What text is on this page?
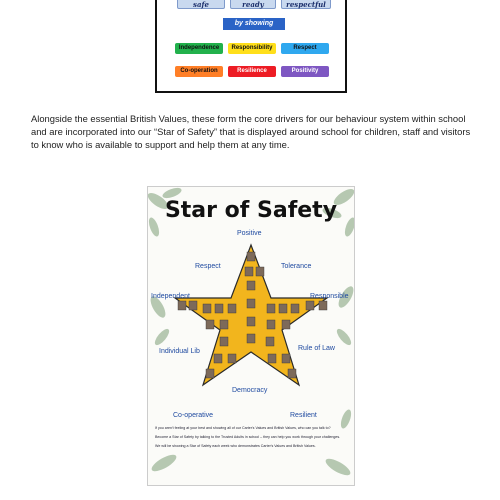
safe	ready	respectful
by showing
Independence	Responsibility	Respect
Co-operation	Resilience	Positivity
Alongside the essential British Values, these form the core drivers for our behaviour system within school and are incorporated into our “Star of Safety” that is displayed around school for children, staff and visitors to know who is available to support and help them at any time.
Star of Safety
Positive
Respect	Tolerance
Independent	Responsible
Individual Lib	Rule of Law
Democracy
Co-operative	Resilient
If you aren't feeling at your best and showing all of our Carter's Values and British Values, who can you talk to?
Become a Star of Safety by talking to the Trusted Adults in school – they can help you work through your challenges.
We will be showing a Star of Safety each week who demonstrates Carter's Values and British Values.
